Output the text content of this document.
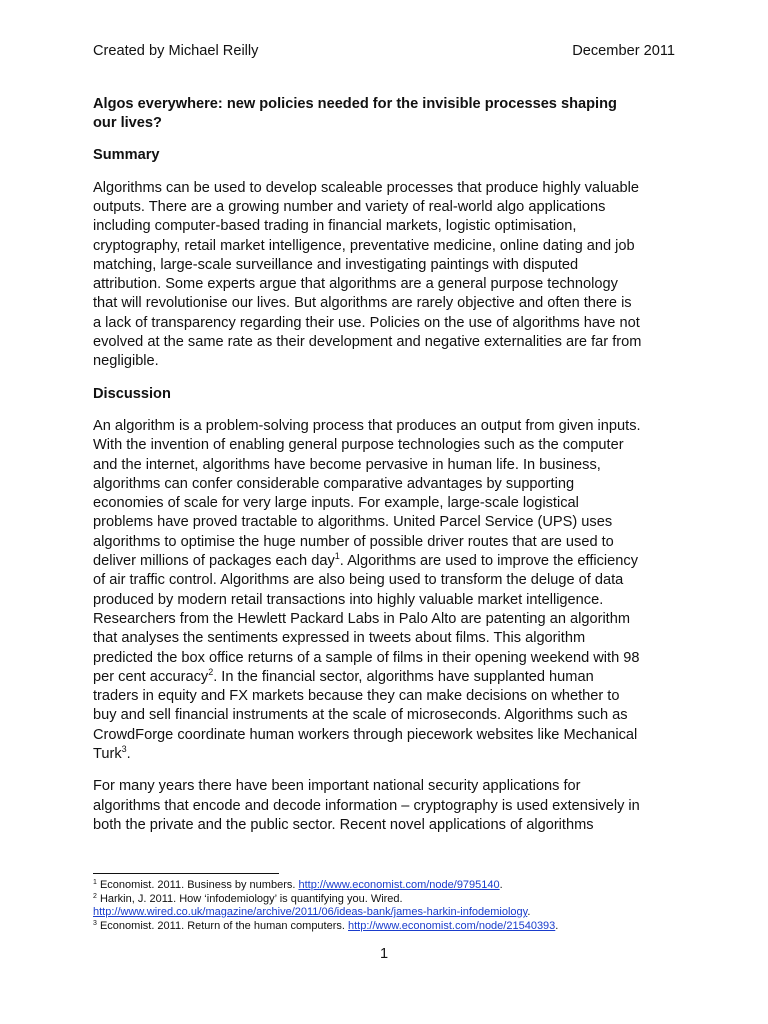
Created by Michael Reilly	December 2011
Algos everywhere: new policies needed for the invisible processes shaping
our lives?
Summary

Algorithms can be used to develop scaleable processes that produce highly valuable
outputs. There are a growing number and variety of real-world algo applications
including computer-based trading in financial markets, logistic optimisation,
cryptography, retail market intelligence, preventative medicine, online dating and job
matching, large-scale surveillance and investigating paintings with disputed
attribution. Some experts argue that algorithms are a general purpose technology
that will revolutionise our lives. But algorithms are rarely objective and often there is
a lack of transparency regarding their use. Policies on the use of algorithms have not
evolved at the same rate as their development and negative externalities are far from
negligible.

Discussion

An algorithm is a problem-solving process that produces an output from given inputs.
With the invention of enabling general purpose technologies such as the computer
and the internet, algorithms have become pervasive in human life. In business,
algorithms can confer considerable comparative advantages by supporting
economies of scale for very large inputs. For example, large-scale logistical
problems have proved tractable to algorithms. United Parcel Service (UPS) uses
algorithms to optimise the huge number of possible driver routes that are used to
deliver millions of packages each day$^1$. Algorithms are used to improve the efficiency
of air traffic control. Algorithms are also being used to transform the deluge of data
produced by modern retail transactions into highly valuable market intelligence.
Researchers from the Hewlett Packard Labs in Palo Alto are patenting an algorithm
that analyses the sentiments expressed in tweets about films. This algorithm
predicted the box office returns of a sample of films in their opening weekend with 98
per cent accuracy$^2$. In the financial sector, algorithms have supplanted human
traders in equity and FX markets because they can make decisions on whether to
buy and sell financial instruments at the scale of microseconds. Algorithms such as
CrowdForge coordinate human workers through piecework websites like Mechanical
Turk$^3$.

For many years there have been important national security applications for
algorithms that encode and decode information – cryptography is used extensively in
both the private and the public sector. Recent novel applications of algorithms

$^1$ Economist. 2011. Business by numbers. http://www.economist.com/node/9795140.
$^2$ Harkin, J. 2011. How ‘infodemiology’ is quantifying you. Wired.
http://www.wired.co.uk/magazine/archive/2011/06/ideas-bank/james-harkin-infodemiology.
$^3$ Economist. 2011. Return of the human computers. http://www.economist.com/node/21540393.
1
